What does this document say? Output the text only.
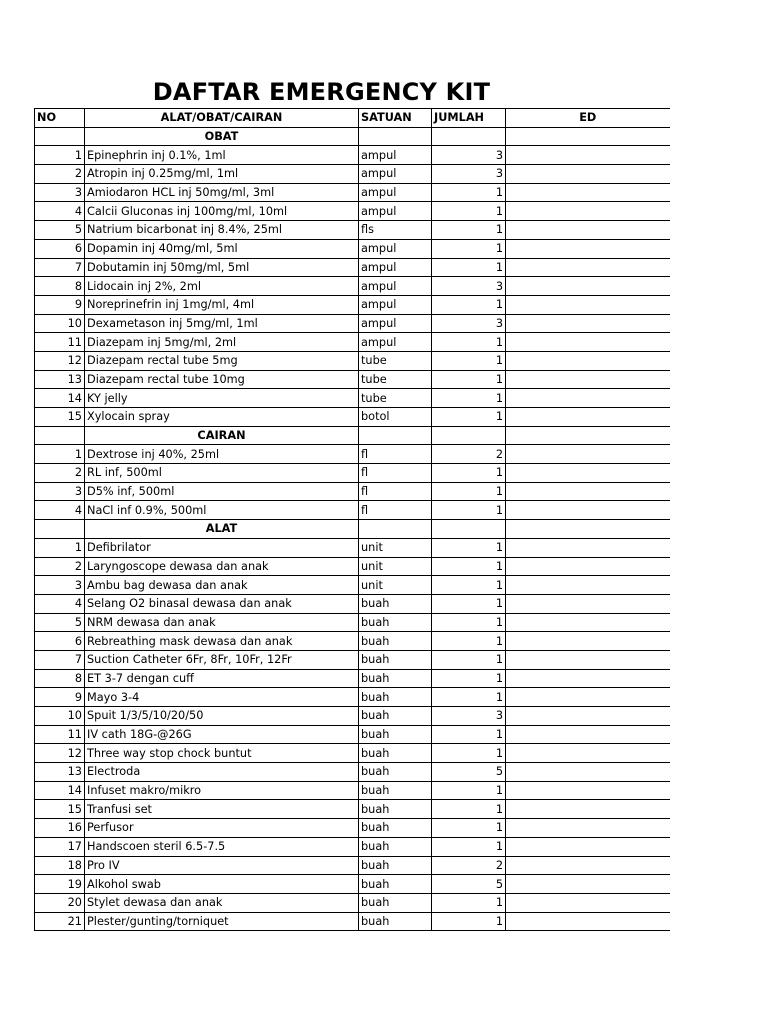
DAFTAR EMERGENCY KIT
NO	ALAT/OBAT/CAIRAN	SATUAN	JUMLAH	ED
	OBAT			
1	Epinephrin inj 0.1%, 1ml	ampul	3	
2	Atropin inj 0.25mg/ml, 1ml	ampul	3	
3	Amiodaron HCL inj 50mg/ml, 3ml	ampul	1	
4	Calcii Gluconas inj 100mg/ml, 10ml	ampul	1	
5	Natrium bicarbonat inj 8.4%, 25ml	fls	1	
6	Dopamin inj 40mg/ml, 5ml	ampul	1	
7	Dobutamin inj 50mg/ml, 5ml	ampul	1	
8	Lidocain inj 2%, 2ml	ampul	3	
9	Noreprinefrin inj 1mg/ml, 4ml	ampul	1	
10	Dexametason inj 5mg/ml, 1ml	ampul	3	
11	Diazepam inj 5mg/ml, 2ml	ampul	1	
12	Diazepam rectal tube 5mg	tube	1	
13	Diazepam rectal tube 10mg	tube	1	
14	KY jelly	tube	1	
15	Xylocain spray	botol	1	
	CAIRAN			
1	Dextrose inj 40%, 25ml	fl	2	
2	RL inf, 500ml	fl	1	
3	D5% inf, 500ml	fl	1	
4	NaCl inf 0.9%, 500ml	fl	1	
	ALAT			
1	Defibrilator	unit	1	
2	Laryngoscope dewasa dan anak	unit	1	
3	Ambu bag dewasa dan anak	unit	1	
4	Selang O2 binasal dewasa dan anak	buah	1	
5	NRM dewasa dan anak	buah	1	
6	Rebreathing mask dewasa dan anak	buah	1	
7	Suction Catheter 6Fr, 8Fr, 10Fr, 12Fr	buah	1	
8	ET 3-7 dengan cuff	buah	1	
9	Mayo 3-4	buah	1	
10	Spuit 1/3/5/10/20/50	buah	3	
11	IV cath 18G-@26G	buah	1	
12	Three way stop chock buntut	buah	1	
13	Electroda	buah	5	
14	Infuset makro/mikro	buah	1	
15	Tranfusi set	buah	1	
16	Perfusor	buah	1	
17	Handscoen steril 6.5-7.5	buah	1	
18	Pro IV	buah	2	
19	Alkohol swab	buah	5	
20	Stylet dewasa dan anak	buah	1	
21	Plester/gunting/torniquet	buah	1	
